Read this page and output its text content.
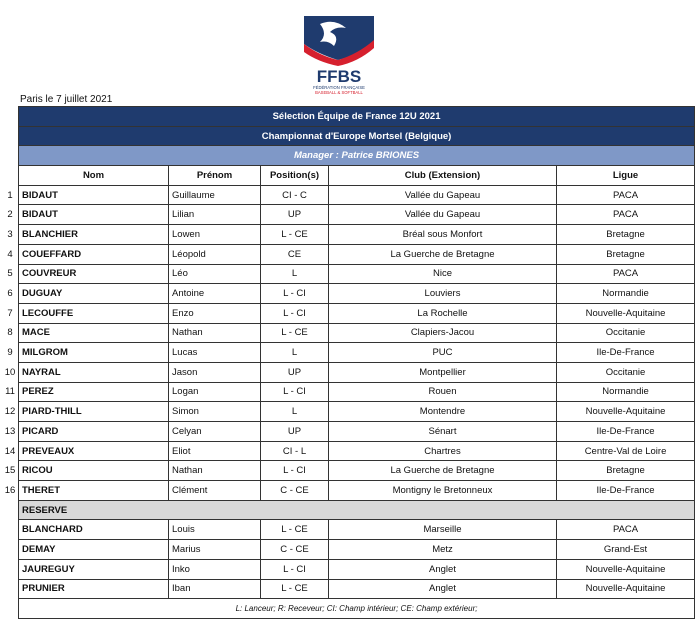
FFBS
FÉDÉRATION FRANÇAISE
BASEBALL & SOFTBALL
Paris le 7 juillet 2021
1
2
3
4
5
6
7
8
9
10
11
12
13
14
15
16
Sélection Équipe de France 12U 2021				
Championnat d'Europe Mortsel (Belgique)				
Manager : Patrice BRIONES				
Nom	Prénom	Position(s)	Club (Extension)	Ligue
BIDAUT	Guillaume	CI - C	Vallée du Gapeau	PACA
BIDAUT	Lilian	UP	Vallée du Gapeau	PACA
BLANCHIER	Lowen	L - CE	Bréal sous Monfort	Bretagne
COUEFFARD	Léopold	CE	La Guerche de Bretagne	Bretagne
COUVREUR	Léo	L	Nice	PACA
DUGUAY	Antoine	L - CI	Louviers	Normandie
LECOUFFE	Enzo	L - CI	La Rochelle	Nouvelle-Aquitaine
MACE	Nathan	L - CE	Clapiers-Jacou	Occitanie
MILGROM	Lucas	L	PUC	Ile-De-France
NAYRAL	Jason	UP	Montpellier	Occitanie
PEREZ	Logan	L - CI	Rouen	Normandie
PIARD-THILL	Simon	L	Montendre	Nouvelle-Aquitaine
PICARD	Celyan	UP	Sénart	Ile-De-France
PREVEAUX	Eliot	CI - L	Chartres	Centre-Val de Loire
RICOU	Nathan	L - CI	La Guerche de Bretagne	Bretagne
THERET	Clément	C - CE	Montigny le Bretonneux	Ile-De-France
RESERVE				
BLANCHARD	Louis	L - CE	Marseille	PACA
DEMAY	Marius	C - CE	Metz	Grand-Est
JAUREGUY	Inko	L - CI	Anglet	Nouvelle-Aquitaine
PRUNIER	Iban	L - CE	Anglet	Nouvelle-Aquitaine
L: Lanceur; R: Receveur; CI: Champ intérieur; CE: Champ extérieur;				
